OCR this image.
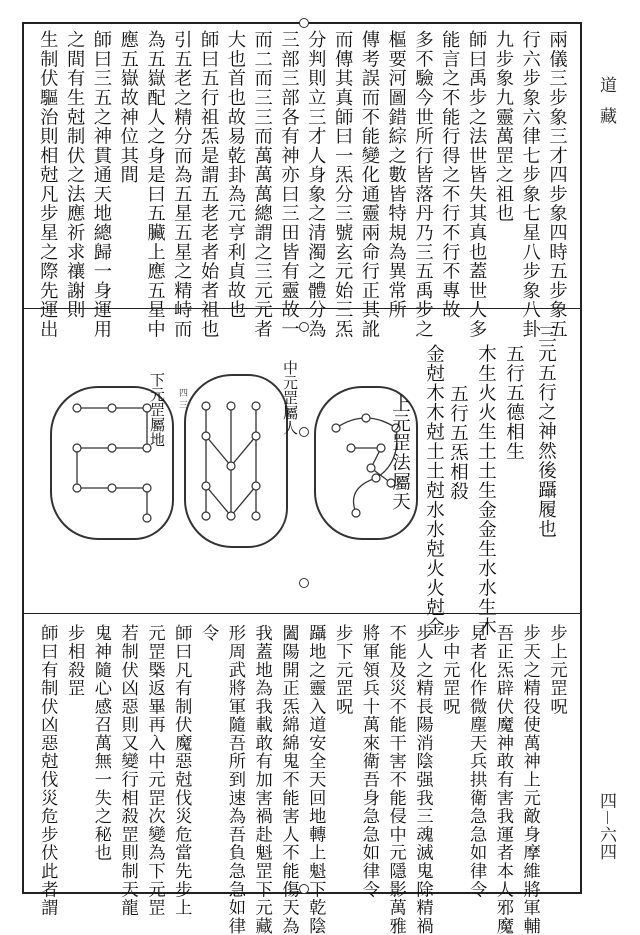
兩儀三步象三才四步象四時五步象五
行六步象六律七步象七星八步象八卦
九步象九靈萬罡之祖也
師曰禹步之法世皆失其真也蓋世人多
能言之不能行得之不行不行不專故
多不驗今世所行皆落丹乃三五禹步之
樞要河圖錯綜之數皆特規為異常所
傳考誤而不能變化通靈兩命行正其訛
而傳其真師曰一炁分三號玄元始三炁
分判則立三才人身象之清濁之體分為
三部三部各有神亦曰三田皆有靈故一
而二而三三而萬萬萬總謂之三元元者
大也首也故易乾卦為元亨利貞故也
師曰五行祖炁是謂五老老者始者祖也
引五老之精分而為五星五星之精峙而
為五嶽配人之身是曰五臟上應五星中
應五嶽故神位其間
師曰三五之神貫通天地總歸一身運用
之間有生尅制伏之法應祈求禳謝則
生制伏驅治則相尅凡步星之際先運出
中元罡屬人
下元罡屬地 四 三	三元五行之神然後躡履也
五行五德相生
木生火火生土土生金金生水水生木
五行五炁相殺
金尅木木尅土土尅水水尅火火尅金
上元罡法屬天
步上元罡呪
步天之精役使萬神上元敵身摩維將軍輔
吾正炁辟伏魔神敢有害我運者本人邪魔
見者化作微塵天兵拱衛急急如律令
步中元罡呪
步人之精長陽消陰强我三魂滅鬼除精禍
不能及災不能干害不能侵中元隱影萬雅
將軍領兵十萬來衛吾身急急如律令
步下元罡呪
躡地之靈入道安全天回地轉上魁下乾陰
闔陽開正炁綿綿鬼不能害人不能傷天為
我蓋地為我載敢有加害禍赴魁罡下元藏
形周武將軍隨吾所到速為吾負急急如律
令
師曰凡有制伏魔惡尅伐災危當先步上
元罡槩返畢再入中元罡次變為下元罡
若制伏凶惡則又變行相殺罡則制天龍
鬼神隨心感召萬無一失之秘也
步相殺罡
師曰有制伏凶惡尅伐災危步伏此者謂
道藏
四－六四
